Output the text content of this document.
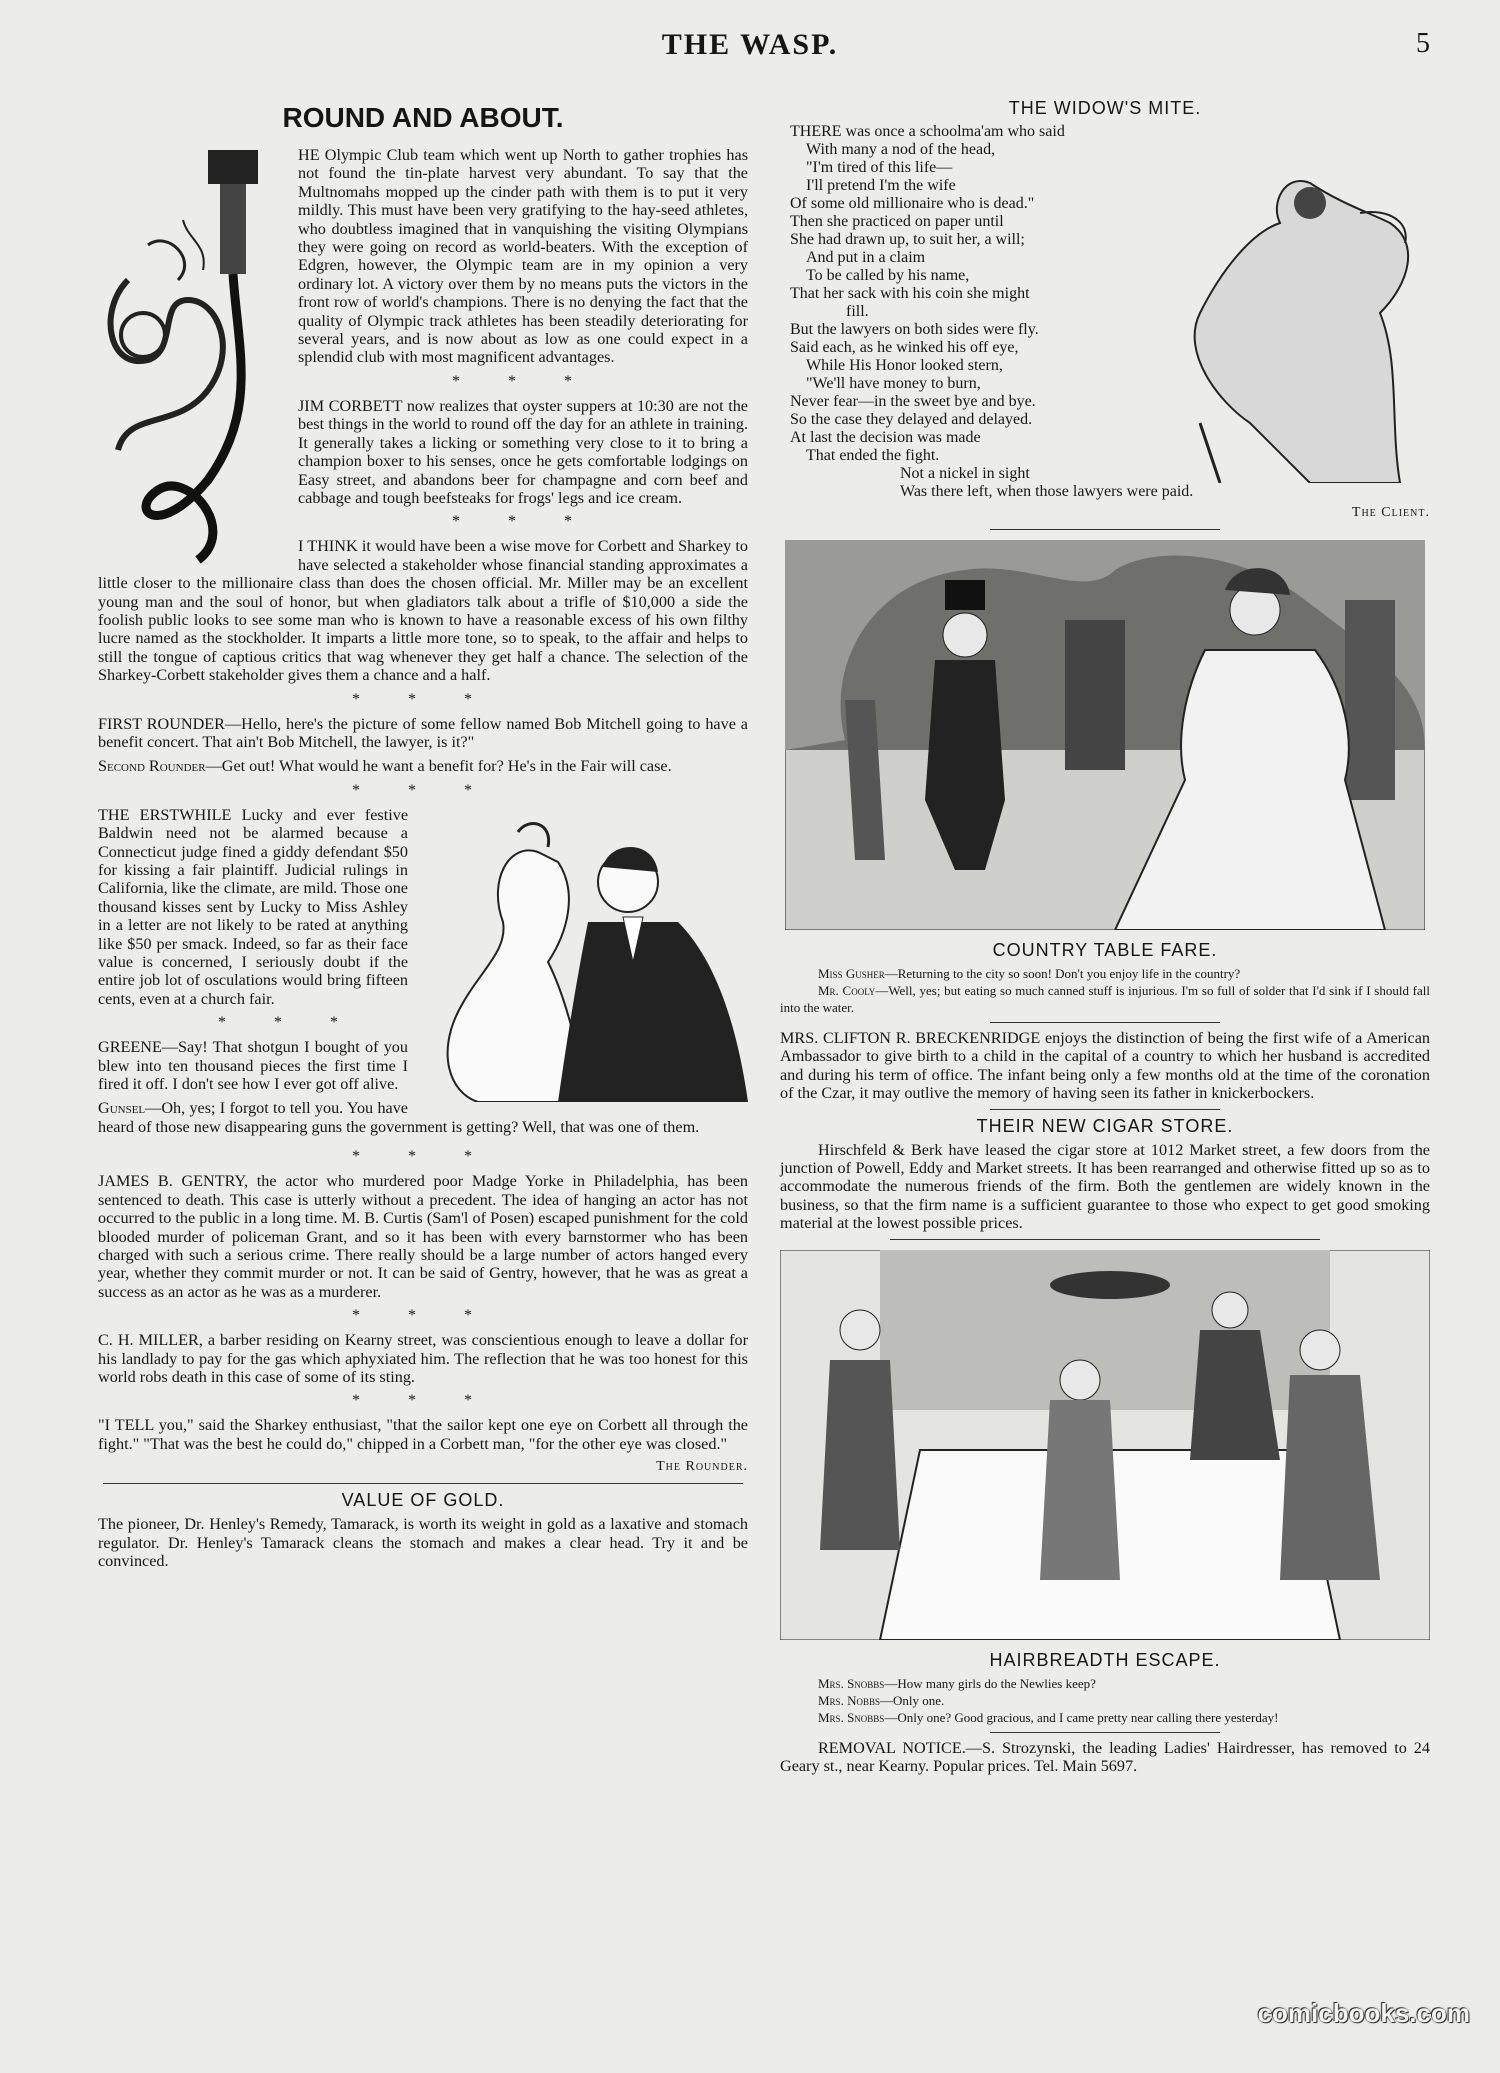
THE WASP.	5
ROUND AND ABOUT.

HE Olympic Club team which went up North to gather trophies has not found the tin-plate harvest very abundant. To say that the Multnomahs mopped up the cinder path with them is to put it very mildly. This must have been very gratifying to the hay-seed athletes, who doubtless imagined that in vanquishing the visiting Olympians they were going on record as world-beaters. With the exception of Edgren, however, the Olympic team are in my opinion a very ordinary lot. A victory over them by no means puts the victors in the front row of world's champions. There is no denying the fact that the quality of Olympic track athletes has been steadily deteriorating for several years, and is now about as low as one could expect in a splendid club with most magnificent advantages.

* * *

JIM CORBETT now realizes that oyster suppers at 10:30 are not the best things in the world to round off the day for an athlete in training. It generally takes a licking or something very close to it to bring a champion boxer to his senses, once he gets comfortable lodgings on Easy street, and abandons beer for champagne and corn beef and cabbage and tough beefsteaks for frogs' legs and ice cream.

* * *

I THINK it would have been a wise move for Corbett and Sharkey to have selected a stakeholder whose financial standing approximates a little closer to the millionaire class than does the chosen official. Mr. Miller may be an excellent young man and the soul of honor, but when gladiators talk about a trifle of $10,000 a side the foolish public looks to see some man who is known to have a reasonable excess of his own filthy lucre named as the stockholder. It imparts a little more tone, so to speak, to the affair and helps to still the tongue of captious critics that wag whenever they get half a chance. The selection of the Sharkey-Corbett stakeholder gives them a chance and a half.

* * *

FIRST ROUNDER—Hello, here's the picture of some fellow named Bob Mitchell going to have a benefit concert. That ain't Bob Mitchell, the lawyer, is it?"

Second Rounder—Get out! What would he want a benefit for? He's in the Fair will case.

* * *

THE ERSTWHILE Lucky and ever festive Baldwin need not be alarmed because a Connecticut judge fined a giddy defendant $50 for kissing a fair plaintiff. Judicial rulings in California, like the climate, are mild. Those one thousand kisses sent by Lucky to Miss Ashley in a letter are not likely to be rated at anything like $50 per smack. Indeed, so far as their face value is concerned, I seriously doubt if the entire job lot of osculations would bring fifteen cents, even at a church fair.

* * *

GREENE—Say! That shotgun I bought of you blew into ten thousand pieces the first time I fired it off. I don't see how I ever got off alive.

Gunsel—Oh, yes; I forgot to tell you. You have heard of those new disappearing guns the government is getting? Well, that was one of them.

* * *

JAMES B. GENTRY, the actor who murdered poor Madge Yorke in Philadelphia, has been sentenced to death. This case is utterly without a precedent. The idea of hanging an actor has not occurred to the public in a long time. M. B. Curtis (Sam'l of Posen) escaped punishment for the cold blooded murder of policeman Grant, and so it has been with every barnstormer who has been charged with such a serious crime. There really should be a large number of actors hanged every year, whether they commit murder or not. It can be said of Gentry, however, that he was as great a success as an actor as he was as a murderer.

* * *

C. H. MILLER, a barber residing on Kearny street, was conscientious enough to leave a dollar for his landlady to pay for the gas which aphyxiated him. The reflection that he was too honest for this world robs death in this case of some of its sting.

* * *

"I TELL you," said the Sharkey enthusiast, "that the sailor kept one eye on Corbett all through the fight." "That was the best he could do," chipped in a Corbett man, "for the other eye was closed."

The Rounder.
VALUE OF GOLD.

The pioneer, Dr. Henley's Remedy, Tamarack, is worth its weight in gold as a laxative and stomach regulator. Dr. Henley's Tamarack cleans the stomach and makes a clear head. Try it and be convinced.

THE WIDOW'S MITE.
THERE was once a schoolma'am who said
With many a nod of the head,
"I'm tired of this life—
I'll pretend I'm the wife
Of some old millionaire who is dead."
Then she practiced on paper until
She had drawn up, to suit her, a will;
And put in a claim
To be called by his name,
That her sack with his coin she might
fill.
But the lawyers on both sides were fly.
Said each, as he winked his off eye,
While His Honor looked stern,
"We'll have money to burn,
Never fear—in the sweet bye and bye.
So the case they delayed and delayed.
At last the decision was made
That ended the fight.
Not a nickel in sight
Was there left, when those lawyers were paid.
The Client.
COUNTRY TABLE FARE.
Miss Gusher—Returning to the city so soon! Don't you enjoy life in the country?
Mr. Cooly—Well, yes; but eating so much canned stuff is injurious. I'm so full of solder that I'd sink if I should fall into the water.

MRS. CLIFTON R. BRECKENRIDGE enjoys the distinction of being the first wife of a American Ambassador to give birth to a child in the capital of a country to which her husband is accredited and during his term of office. The infant being only a few months old at the time of the coronation of the Czar, it may outlive the memory of having seen its father in knickerbockers.

THEIR NEW CIGAR STORE.

Hirschfeld & Berk have leased the cigar store at 1012 Market street, a few doors from the junction of Powell, Eddy and Market streets. It has been rearranged and otherwise fitted up so as to accommodate the numerous friends of the firm. Both the gentlemen are widely known in the business, so that the firm name is a sufficient guarantee to those who expect to get good smoking material at the lowest possible prices.

HAIRBREADTH ESCAPE.
Mrs. Snobbs—How many girls do the Newlies keep?
Mrs. Nobbs—Only one.
Mrs. Snobbs—Only one? Good gracious, and I came pretty near calling there yesterday!

REMOVAL NOTICE.—S. Strozynski, the leading Ladies' Hairdresser, has removed to 24 Geary st., near Kearny. Popular prices. Tel. Main 5697.

comicbooks.com
